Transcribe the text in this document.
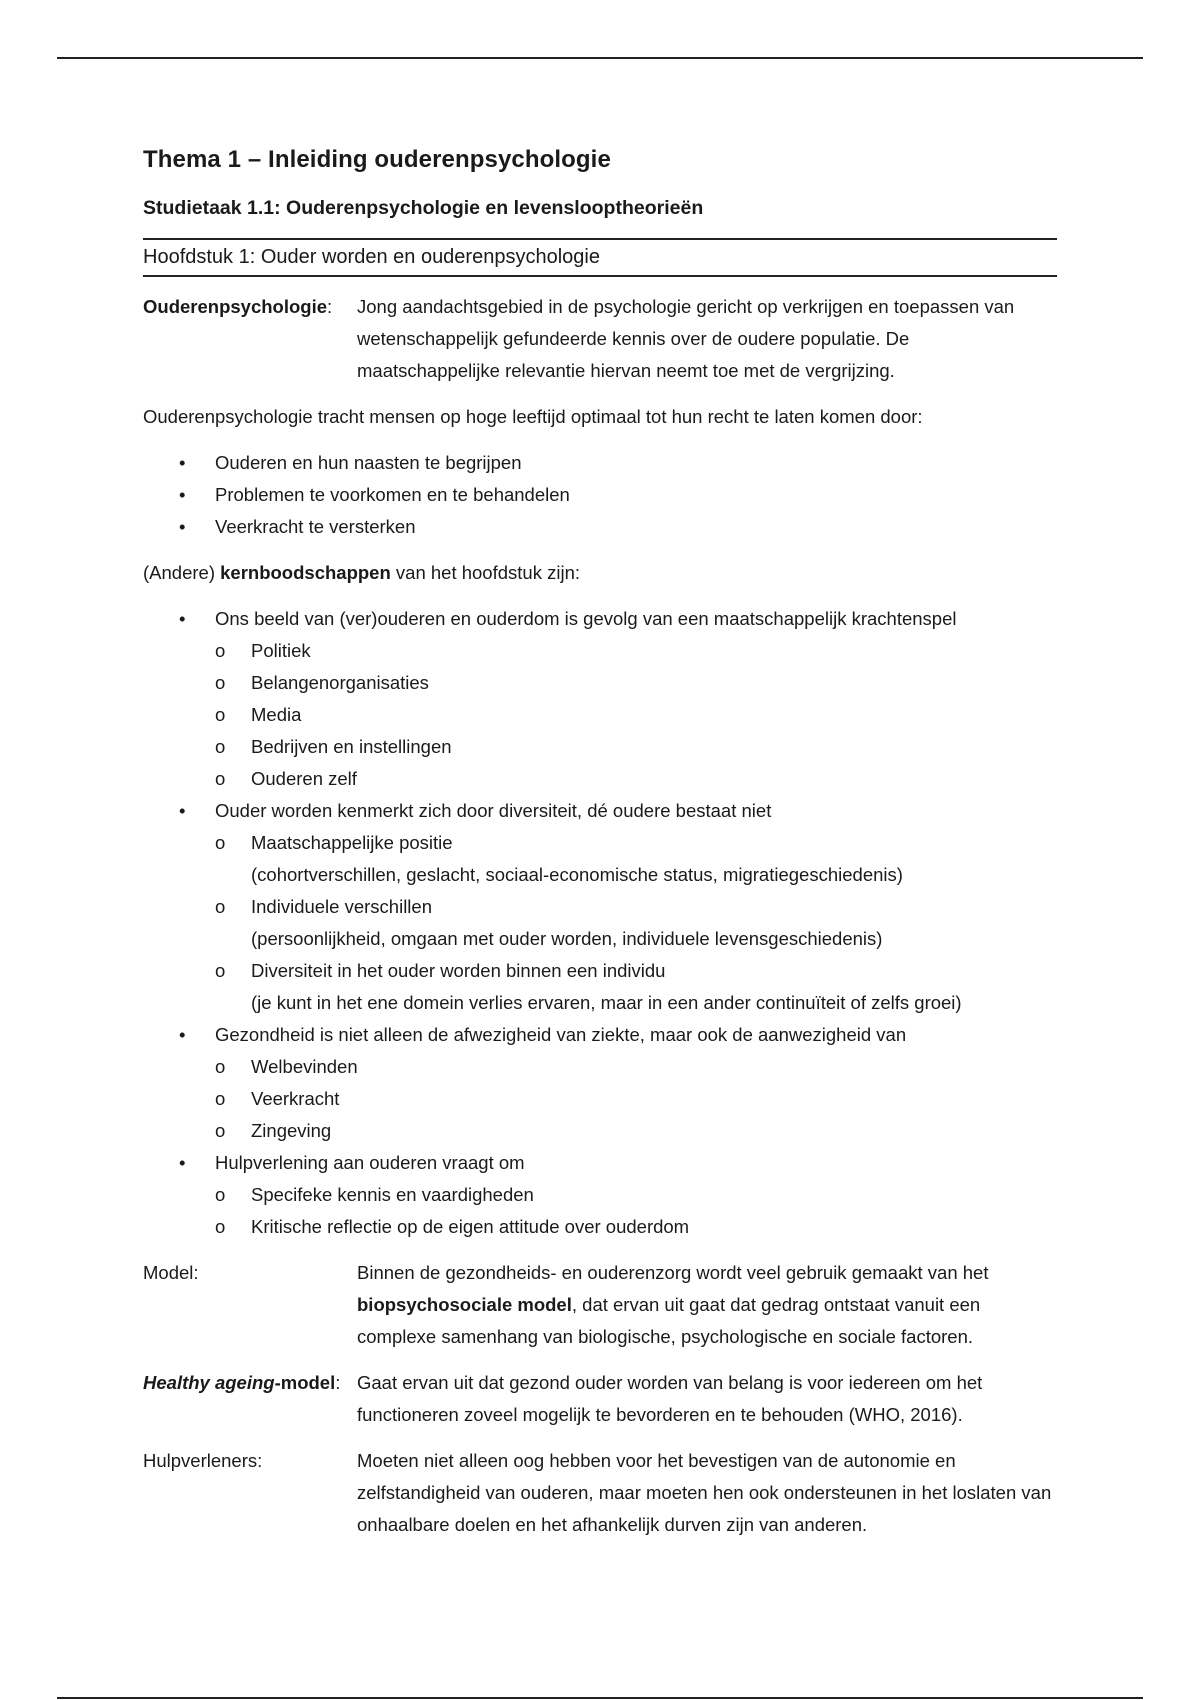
Thema 1 – Inleiding ouderenpsychologie
Studietaak 1.1: Ouderenpsychologie en levenslooptheorieën
Hoofdstuk 1: Ouder worden en ouderenpsychologie
Ouderenpsychologie:	Jong aandachtsgebied in de psychologie gericht op verkrijgen en toepassen van wetenschappelijk gefundeerde kennis over de oudere populatie. De maatschappelijke relevantie hiervan neemt toe met de vergrijzing.
Ouderenpsychologie tracht mensen op hoge leeftijd optimaal tot hun recht te laten komen door:
• Ouderen en hun naasten te begrijpen
• Problemen te voorkomen en te behandelen
• Veerkracht te versterken
(Andere) kernboodschappen van het hoofdstuk zijn:
• Ons beeld van (ver)ouderen en ouderdom is gevolg van een maatschappelijk krachtenspel
o Politiek
o Belangenorganisaties
o Media
o Bedrijven en instellingen
o Ouderen zelf
• Ouder worden kenmerkt zich door diversiteit, dé oudere bestaat niet
o Maatschappelijke positie
(cohortverschillen, geslacht, sociaal-economische status, migratiegeschiedenis)
o Individuele verschillen
(persoonlijkheid, omgaan met ouder worden, individuele levensgeschiedenis)
o Diversiteit in het ouder worden binnen een individu
(je kunt in het ene domein verlies ervaren, maar in een ander continuïteit of zelfs groei)
• Gezondheid is niet alleen de afwezigheid van ziekte, maar ook de aanwezigheid van
o Welbevinden
o Veerkracht
o Zingeving
• Hulpverlening aan ouderen vraagt om
o Specifeke kennis en vaardigheden
o Kritische reflectie op de eigen attitude over ouderdom
Model:	Binnen de gezondheids- en ouderenzorg wordt veel gebruik gemaakt van het biopsychosociale model, dat ervan uit gaat dat gedrag ontstaat vanuit een complexe samenhang van biologische, psychologische en sociale factoren.
Healthy ageing-model: Gaat ervan uit dat gezond ouder worden van belang is voor iedereen om het functioneren zoveel mogelijk te bevorderen en te behouden (WHO, 2016).
Hulpverleners:	Moeten niet alleen oog hebben voor het bevestigen van de autonomie en zelfstandigheid van ouderen, maar moeten hen ook ondersteunen in het loslaten van onhaalbare doelen en het afhankelijk durven zijn van anderen.
